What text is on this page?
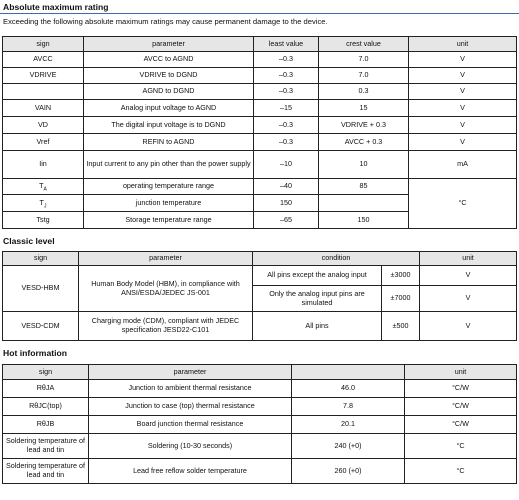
Absolute maximum rating
Exceeding the following absolute maximum ratings may cause permanent damage to the device.
sign	parameter	least value	crest value	unit
AVCC	AVCC to AGND	–0.3	7.0	V
VDRIVE	VDRIVE to DGND	–0.3	7.0	V
	AGND to DGND	–0.3	0.3	V
VAIN	Analog input voltage to AGND	–15	15	V
VD	The digital input voltage is to DGND	–0.3	VDRIVE + 0.3	V
Vref	REFIN to AGND	–0.3	AVCC + 0.3	V
Iin	Input current to any pin other than the power supply	–10	10	mA
$T_A$	operating temperature range	–40	85	°C
$T_J$	junction temperature	150		
Tstg	Storage temperature range	–65	150	
Classic level
sign	parameter	condition		unit
VESD-HBM	Human Body Model (HBM), in compliance with ANSI/ESDA/JEDEC JS-001	All pins except the analog input	±3000	V
		Only the analog input pins are simulated	±7000	V
VESD-CDM	Charging mode (CDM), compliant with JEDEC specification JESD22-C101	All pins	±500	V
Hot information
sign	parameter		unit
RθJA	Junction to ambient thermal resistance	46.0	°C/W
RθJC(top)	Junction to case (top) thermal resistance	7.8	°C/W
RθJB	Board junction thermal resistance	20.1	°C/W
Soldering temperature of lead and tin	Soldering (10-30 seconds)	240 (+0)	°C
Soldering temperature of lead and tin	Lead free reflow solder temperature	260 (+0)	°C
